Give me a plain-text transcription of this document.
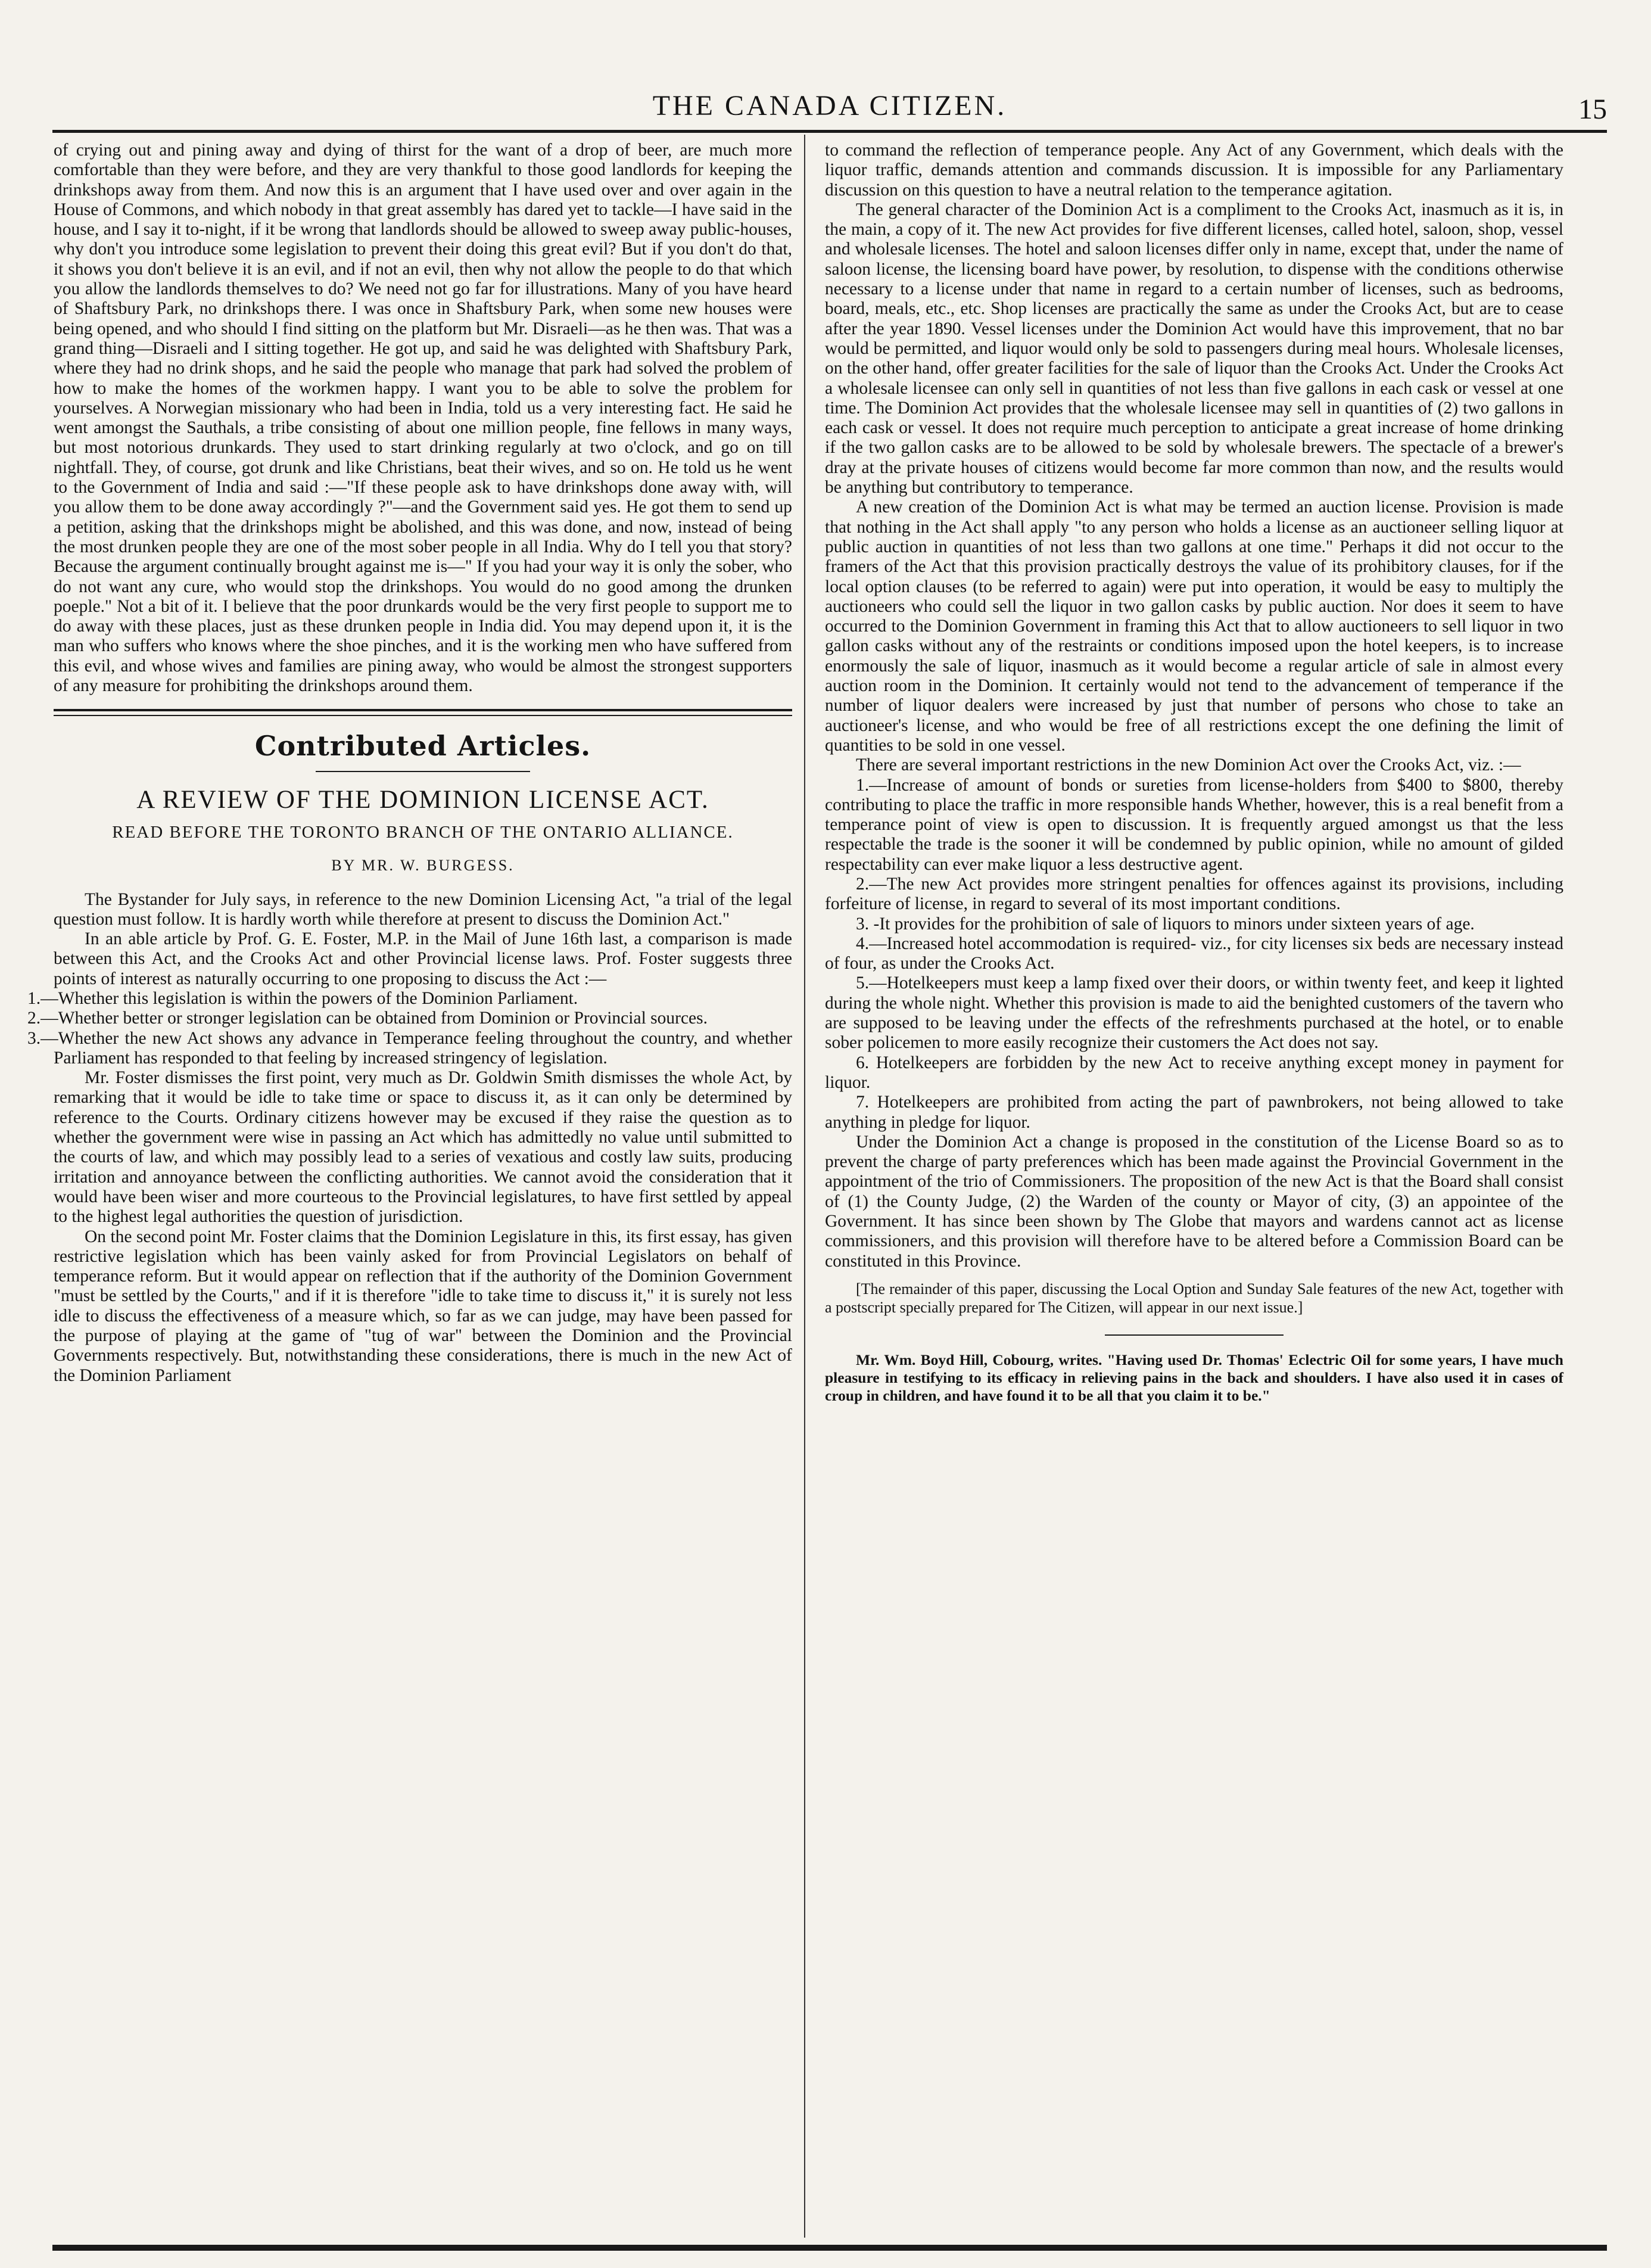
THE CANADA CITIZEN.	15

of crying out and pining away and dying of thirst for the want of a drop of beer, are much more comfortable than they were before, and they are very thankful to those good landlords for keeping the drinkshops away from them. And now this is an argument that I have used over and over again in the House of Commons, and which nobody in that great assembly has dared yet to tackle—I have said in the house, and I say it to-night, if it be wrong that landlords should be allowed to sweep away public-houses, why don't you introduce some legislation to prevent their doing this great evil? But if you don't do that, it shows you don't believe it is an evil, and if not an evil, then why not allow the people to do that which you allow the landlords themselves to do? We need not go far for illustrations. Many of you have heard of Shaftsbury Park, no drinkshops there. I was once in Shaftsbury Park, when some new houses were being opened, and who should I find sitting on the platform but Mr. Disraeli—as he then was. That was a grand thing—Disraeli and I sitting together. He got up, and said he was delighted with Shaftsbury Park, where they had no drink shops, and he said the people who manage that park had solved the problem of how to make the homes of the workmen happy. I want you to be able to solve the problem for yourselves. A Norwegian missionary who had been in India, told us a very interesting fact. He said he went amongst the Sauthals, a tribe consisting of about one million people, fine fellows in many ways, but most notorious drunkards. They used to start drinking regularly at two o'clock, and go on till nightfall. They, of course, got drunk and like Christians, beat their wives, and so on. He told us he went to the Government of India and said :—"If these people ask to have drinkshops done away with, will you allow them to be done away accordingly ?"—and the Government said yes. He got them to send up a petition, asking that the drinkshops might be abolished, and this was done, and now, instead of being the most drunken people they are one of the most sober people in all India. Why do I tell you that story? Because the argument continually brought against me is—" If you had your way it is only the sober, who do not want any cure, who would stop the drinkshops. You would do no good among the drunken poeple." Not a bit of it. I believe that the poor drunkards would be the very first people to support me to do away with these places, just as these drunken people in India did. You may depend upon it, it is the man who suffers who knows where the shoe pinches, and it is the working men who have suffered from this evil, and whose wives and families are pining away, who would be almost the strongest supporters of any measure for prohibiting the drinkshops around them.

Contributed Articles.
A REVIEW OF THE DOMINION LICENSE ACT.
READ BEFORE THE TORONTO BRANCH OF THE ONTARIO ALLIANCE.
BY MR. W. BURGESS.

The Bystander for July says, in reference to the new Dominion Licensing Act, "a trial of the legal question must follow. It is hardly worth while therefore at present to discuss the Dominion Act."

In an able article by Prof. G. E. Foster, M.P. in the Mail of June 16th last, a comparison is made between this Act, and the Crooks Act and other Provincial license laws. Prof. Foster suggests three points of interest as naturally occurring to one proposing to discuss the Act :—

1.—Whether this legislation is within the powers of the Dominion Parliament.

2.—Whether better or stronger legislation can be obtained from Dominion or Provincial sources.

3.—Whether the new Act shows any advance in Temperance feeling throughout the country, and whether Parliament has responded to that feeling by increased stringency of legislation.

Mr. Foster dismisses the first point, very much as Dr. Goldwin Smith dismisses the whole Act, by remarking that it would be idle to take time or space to discuss it, as it can only be determined by reference to the Courts. Ordinary citizens however may be excused if they raise the question as to whether the government were wise in passing an Act which has admittedly no value until submitted to the courts of law, and which may possibly lead to a series of vexatious and costly law suits, producing irritation and annoyance between the conflicting authorities. We cannot avoid the consideration that it would have been wiser and more courteous to the Provincial legislatures, to have first settled by appeal to the highest legal authorities the question of jurisdiction.

On the second point Mr. Foster claims that the Dominion Legislature in this, its first essay, has given restrictive legislation which has been vainly asked for from Provincial Legislators on behalf of temperance reform. But it would appear on reflection that if the authority of the Dominion Government "must be settled by the Courts," and if it is therefore "idle to take time to discuss it," it is surely not less idle to discuss the effectiveness of a measure which, so far as we can judge, may have been passed for the purpose of playing at the game of "tug of war" between the Dominion and the Provincial Governments respectively. But, notwithstanding these considerations, there is much in the new Act of the Dominion Parliament

to command the reflection of temperance people. Any Act of any Government, which deals with the liquor traffic, demands attention and commands discussion. It is impossible for any Parliamentary discussion on this question to have a neutral relation to the temperance agitation.

The general character of the Dominion Act is a compliment to the Crooks Act, inasmuch as it is, in the main, a copy of it. The new Act provides for five different licenses, called hotel, saloon, shop, vessel and wholesale licenses. The hotel and saloon licenses differ only in name, except that, under the name of saloon license, the licensing board have power, by resolution, to dispense with the conditions otherwise necessary to a license under that name in regard to a certain number of licenses, such as bedrooms, board, meals, etc., etc. Shop licenses are practically the same as under the Crooks Act, but are to cease after the year 1890. Vessel licenses under the Dominion Act would have this improvement, that no bar would be permitted, and liquor would only be sold to passengers during meal hours. Wholesale licenses, on the other hand, offer greater facilities for the sale of liquor than the Crooks Act. Under the Crooks Act a wholesale licensee can only sell in quantities of not less than five gallons in each cask or vessel at one time. The Dominion Act provides that the wholesale licensee may sell in quantities of (2) two gallons in each cask or vessel. It does not require much perception to anticipate a great increase of home drinking if the two gallon casks are to be allowed to be sold by wholesale brewers. The spectacle of a brewer's dray at the private houses of citizens would become far more common than now, and the results would be anything but contributory to temperance.

A new creation of the Dominion Act is what may be termed an auction license. Provision is made that nothing in the Act shall apply "to any person who holds a license as an auctioneer selling liquor at public auction in quantities of not less than two gallons at one time." Perhaps it did not occur to the framers of the Act that this provision practically destroys the value of its prohibitory clauses, for if the local option clauses (to be referred to again) were put into operation, it would be easy to multiply the auctioneers who could sell the liquor in two gallon casks by public auction. Nor does it seem to have occurred to the Dominion Government in framing this Act that to allow auctioneers to sell liquor in two gallon casks without any of the restraints or conditions imposed upon the hotel keepers, is to increase enormously the sale of liquor, inasmuch as it would become a regular article of sale in almost every auction room in the Dominion. It certainly would not tend to the advancement of temperance if the number of liquor dealers were increased by just that number of persons who chose to take an auctioneer's license, and who would be free of all restrictions except the one defining the limit of quantities to be sold in one vessel.

There are several important restrictions in the new Dominion Act over the Crooks Act, viz. :—

1.—Increase of amount of bonds or sureties from license-holders from $400 to $800, thereby contributing to place the traffic in more responsible hands Whether, however, this is a real benefit from a temperance point of view is open to discussion. It is frequently argued amongst us that the less respectable the trade is the sooner it will be condemned by public opinion, while no amount of gilded respectability can ever make liquor a less destructive agent.

2.—The new Act provides more stringent penalties for offences against its provisions, including forfeiture of license, in regard to several of its most important conditions.

3. -It provides for the prohibition of sale of liquors to minors under sixteen years of age.

4.—Increased hotel accommodation is required- viz., for city licenses six beds are necessary instead of four, as under the Crooks Act.

5.—Hotelkeepers must keep a lamp fixed over their doors, or within twenty feet, and keep it lighted during the whole night. Whether this provision is made to aid the benighted customers of the tavern who are supposed to be leaving under the effects of the refreshments purchased at the hotel, or to enable sober policemen to more easily recognize their customers the Act does not say.

6. Hotelkeepers are forbidden by the new Act to receive anything except money in payment for liquor.

7. Hotelkeepers are prohibited from acting the part of pawnbrokers, not being allowed to take anything in pledge for liquor.

Under the Dominion Act a change is proposed in the constitution of the License Board so as to prevent the charge of party preferences which has been made against the Provincial Government in the appointment of the trio of Commissioners. The proposition of the new Act is that the Board shall consist of (1) the County Judge, (2) the Warden of the county or Mayor of city, (3) an appointee of the Government. It has since been shown by The Globe that mayors and wardens cannot act as license commissioners, and this provision will therefore have to be altered before a Commission Board can be constituted in this Province.

[The remainder of this paper, discussing the Local Option and Sunday Sale features of the new Act, together with a postscript specially prepared for The Citizen, will appear in our next issue.]

Mr. Wm. Boyd Hill, Cobourg, writes. "Having used Dr. Thomas' Eclectric Oil for some years, I have much pleasure in testifying to its efficacy in relieving pains in the back and shoulders. I have also used it in cases of croup in children, and have found it to be all that you claim it to be."
